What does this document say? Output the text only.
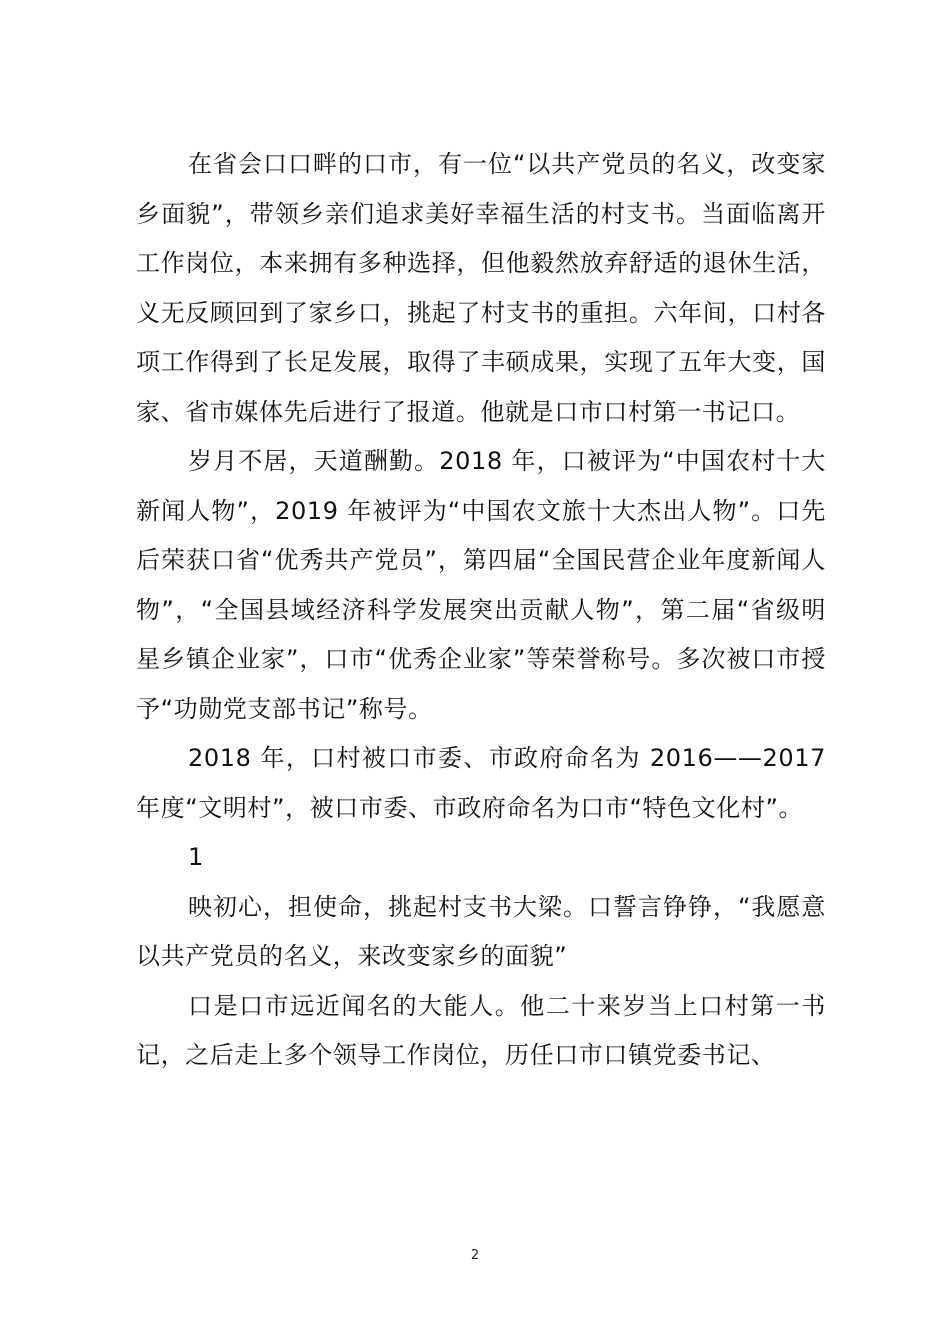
在省会口口畔的口市，有一位“以共产党员的名义，改变家乡面貌”，带领乡亲们追求美好幸福生活的村支书。当面临离开工作岗位，本来拥有多种选择，但他毅然放弃舒适的退休生活，义无反顾回到了家乡口，挑起了村支书的重担。六年间，口村各项工作得到了长足发展，取得了丰硕成果，实现了五年大变，国家、省市媒体先后进行了报道。他就是口市口村第一书记口。

岁月不居，天道酬勤。2018 年，口被评为“中国农村十大新闻人物”，2019 年被评为“中国农文旅十大杰出人物”。口先后荣获口省“优秀共产党员”，第四届“全国民营企业年度新闻人物”，“全国县域经济科学发展突出贡献人物”，第二届“省级明星乡镇企业家”，口市“优秀企业家”等荣誉称号。多次被口市授予“功勋党支部书记”称号。

2018 年，口村被口市委、市政府命名为 2016——2017 年度“文明村”，被口市委、市政府命名为口市“特色文化村”。

1

映初心，担使命，挑起村支书大梁。口誓言铮铮，“我愿意以共产党员的名义，来改变家乡的面貌”

口是口市远近闻名的大能人。他二十来岁当上口村第一书记，之后走上多个领导工作岗位，历任口市口镇党委书记、

2
